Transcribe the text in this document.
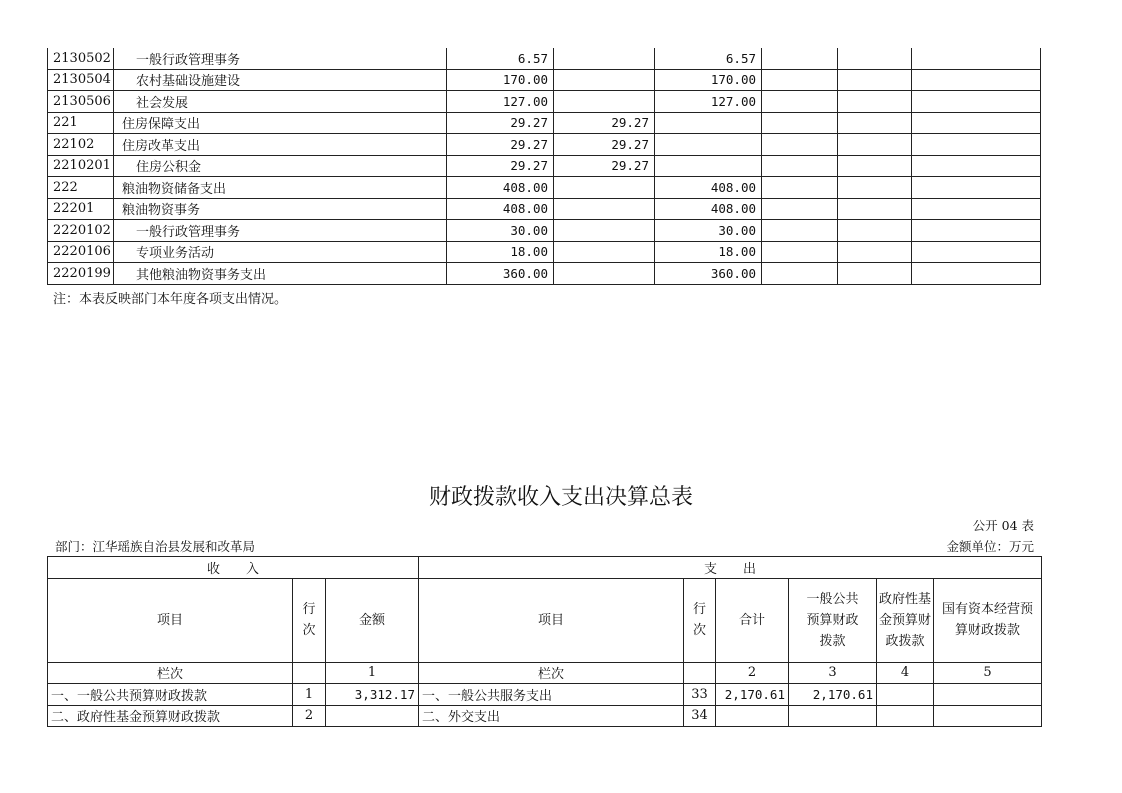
2130502	一般行政管理事务	6.57		6.57			
2130504	农村基础设施建设	170.00		170.00			
2130506	社会发展	127.00		127.00			
221	住房保障支出	29.27	29.27				
22102	住房改革支出	29.27	29.27				
2210201	住房公积金	29.27	29.27				
222	粮油物资储备支出	408.00		408.00			
22201	粮油物资事务	408.00		408.00			
2220102	一般行政管理事务	30.00		30.00			
2220106	专项业务活动	18.00		18.00			
2220199	其他粮油物资事务支出	360.00		360.00			
注：本表反映部门本年度各项支出情况。
财政拨款收入支出决算总表
公开 04 表
部门：江华瑶族自治县发展和改革局	金额单位：万元
收　　入			支　　出					
项目	行次	金额	项目	行次	合计	一般公共预算财政拨款	政府性基金预算财政拨款	国有资本经营预算财政拨款
栏次		1	栏次		2	3	4	5
一、一般公共预算财政拨款	1	3,312.17	一、一般公共服务支出	33	2,170.61	2,170.61		
二、政府性基金预算财政拨款	2		二、外交支出	34				
